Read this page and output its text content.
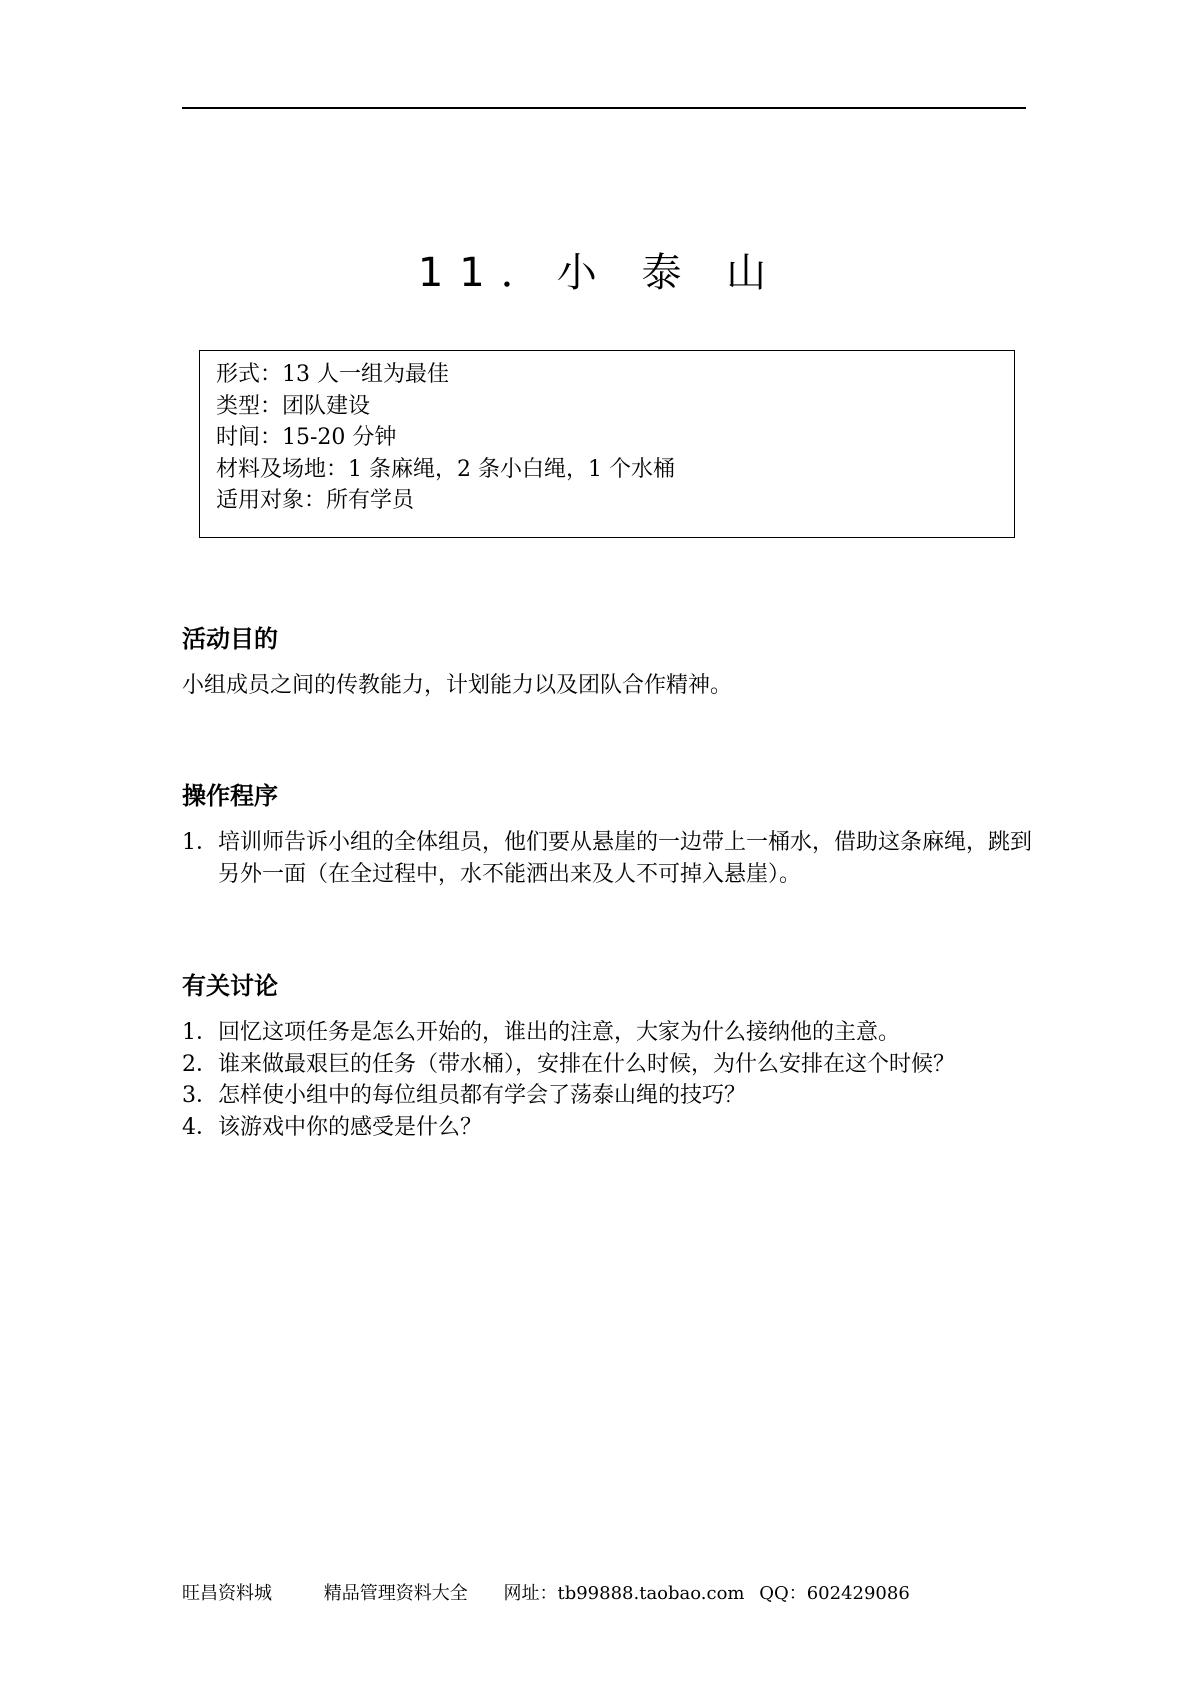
11．小 泰 山
形式：13 人一组为最佳
类型：团队建设
时间：15-20 分钟
材料及场地：1 条麻绳，2 条小白绳，1 个水桶
适用对象：所有学员
活动目的

小组成员之间的传教能力，计划能力以及团队合作精神。

操作程序
1．培训师告诉小组的全体组员，他们要从悬崖的一边带上一桶水，借助这条麻绳，跳到另外一面（在全过程中，水不能洒出来及人不可掉入悬崖）。
有关讨论
1．回忆这项任务是怎么开始的，谁出的注意，大家为什么接纳他的主意。
2．谁来做最艰巨的任务（带水桶），安排在什么时候，为什么安排在这个时候？
3．怎样使小组中的每位组员都有学会了荡泰山绳的技巧？
4．该游戏中你的感受是什么？
旺昌资料城	精品管理资料大全 网址：tb99888.taobao.com QQ：602429086
